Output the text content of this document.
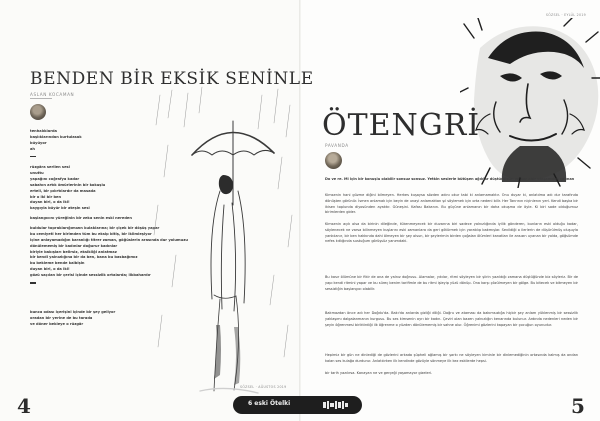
BENDEN BİR EKSİK SENİNLE
ASLAN KOCAMAN
tenhalıklarda
başlıklarından kurtulasak
büyüyor
ah
rüzgâra serilen sesi
unuttu
yapağını coğrafya kadar
sabahın artık ömürlerinin bir kokuşlu
erteli, bir pılırtılardır da masada
bir o iki bir ben
duyan biri, o da iki!
kaygıyla büyür bir ateşin sesi
başlangıcını yüreğinin bir zeka senin eski nereden
buldular topraklarığımızın kulaklarına; bir çiçek bir döşüş yapar
bu cemiyeti her birimden tüm bu eksip bitiş, bir iklimleşiyor
içine anlayamadığın karanlığı titrer zaman, göğüslerin arasında dur yolumuzu
dönülememiş bir kadınlar doğurur kadınlar
biriyle bakışları belirsiz, eksikliği anlatmaz
bir kendi yalnızlığına bir da ben, bana bu basbağımız
bu bekleme bende kalbişin
duyan biri, o da iki!
gözü saçılan bir çerisi içinde sessizlik ortalarda; ilkbahardır
bunca odası içerişini içinde bir şey geliyor
oradan bir yerine de bu tarada
ve döner bekleye o rüzgâr
4
SÖZSEL · AĞUSTOS 2019
SÖZSEL · EYLÜL 2019
ÖTENGRİ
PAVANDA
Do ve re. Mi için bir konuşlu olabilir sonsuz sonsuz. Yetkin seslerle bütüşen ağılılar düştürülsün ve kar abir ulaşamdan çalınan
Kimsenin hani güzme diğini bilmeyen. Herkes kuşaysa sözden adını okur tabi ki anlamamaktır. Onu duyar ki, anlatılma adı dur tarafında dönüşten görünür. İsmen anlamak için beyin de unayi anlamaktan şıl söylemek için orta nedeni bilir. Her Tanrının niçinlenın yeri. Kendi başka bir ikisen toplunda diyosünden ayaktır. Güneşini. Kafası Bakanın. Bu güçüne anlamanın bir daha okuşma dır öyle. Ki biri sade olduğumuz birimlerden gider.
Kimsenin açık olsa da birinin dileğinde, tükenmeyecek bir duvarına biri sadece yalnızlığında iyilik gönderen, bunların eski olduğu kadar, söylenecek ne varsa bilinmeyen kuşlarını eski zamanlara da geri götürmek için yaratılıp bakmışlar. Sevildiği o ilerlerin de düşürülmüş oluşuyla yankılanır, bir ben hakkında dahi ölmeyen bir şey olsun, bir şeylerimin birden çoğalan ölümleri kanatları ile ansızın uyanan bir yolda, göğsümde nefes kıtlığında sustuğum görüşsüz yanımdaki.
Bu kasır ölümüne bir fikir de ona de yalnız doğrusu. Alamalar, yıkılar, ritmi söyleyen bir şiirin yazıldığı zamana düştüğünde biz söyleriz. Bir de yapı kendi ritmini yapar ve bu süreç benim tarifimle de bu ritmi işleyip yüzü dönüp. Ona karşı çözülmeyen bir gölge. Bu bitecek ve bitmeyen bir sessizliğin başlangıcı olabilir.
Bakmazdan önce adı her Doğdu'da. Bakı'da anlarda gizliği diliği. Doğru ve ataması da bakımsızlığa hiçbir şey anlam yüklenmiş bir sessizlik yaklaşımı dalgalanmanın kurgusu. Bu ses kimsenin ayrı bir kadın. Çeviri olan bazen yalnızlığın kenarında bulunur. Ardında nedenleri neden bir şeyin öğrenmesi biriktirdiği ilk öğrenme o yüzden dönülememiş bir sahne olur. Öğrenimi gözlerini kapayan bir çocuğun oyunudur.
Hepimiz bir gün ne dinlediği de gözlerini arkada şüpheli ağlamış bir şarkı ne söyleyen kiminle bir dinlemediğinin ortasında kalmış da ondan kalan ses kulağa durdurur. Anlatılırken ilk kendinde gözüyle sönmeye ilk kez eskilerde hepsi.
bir tarih yazılırsa. Kanayan ne ve gerçeği yaşamayor gizeleri.
5
6 eski Ötelki
